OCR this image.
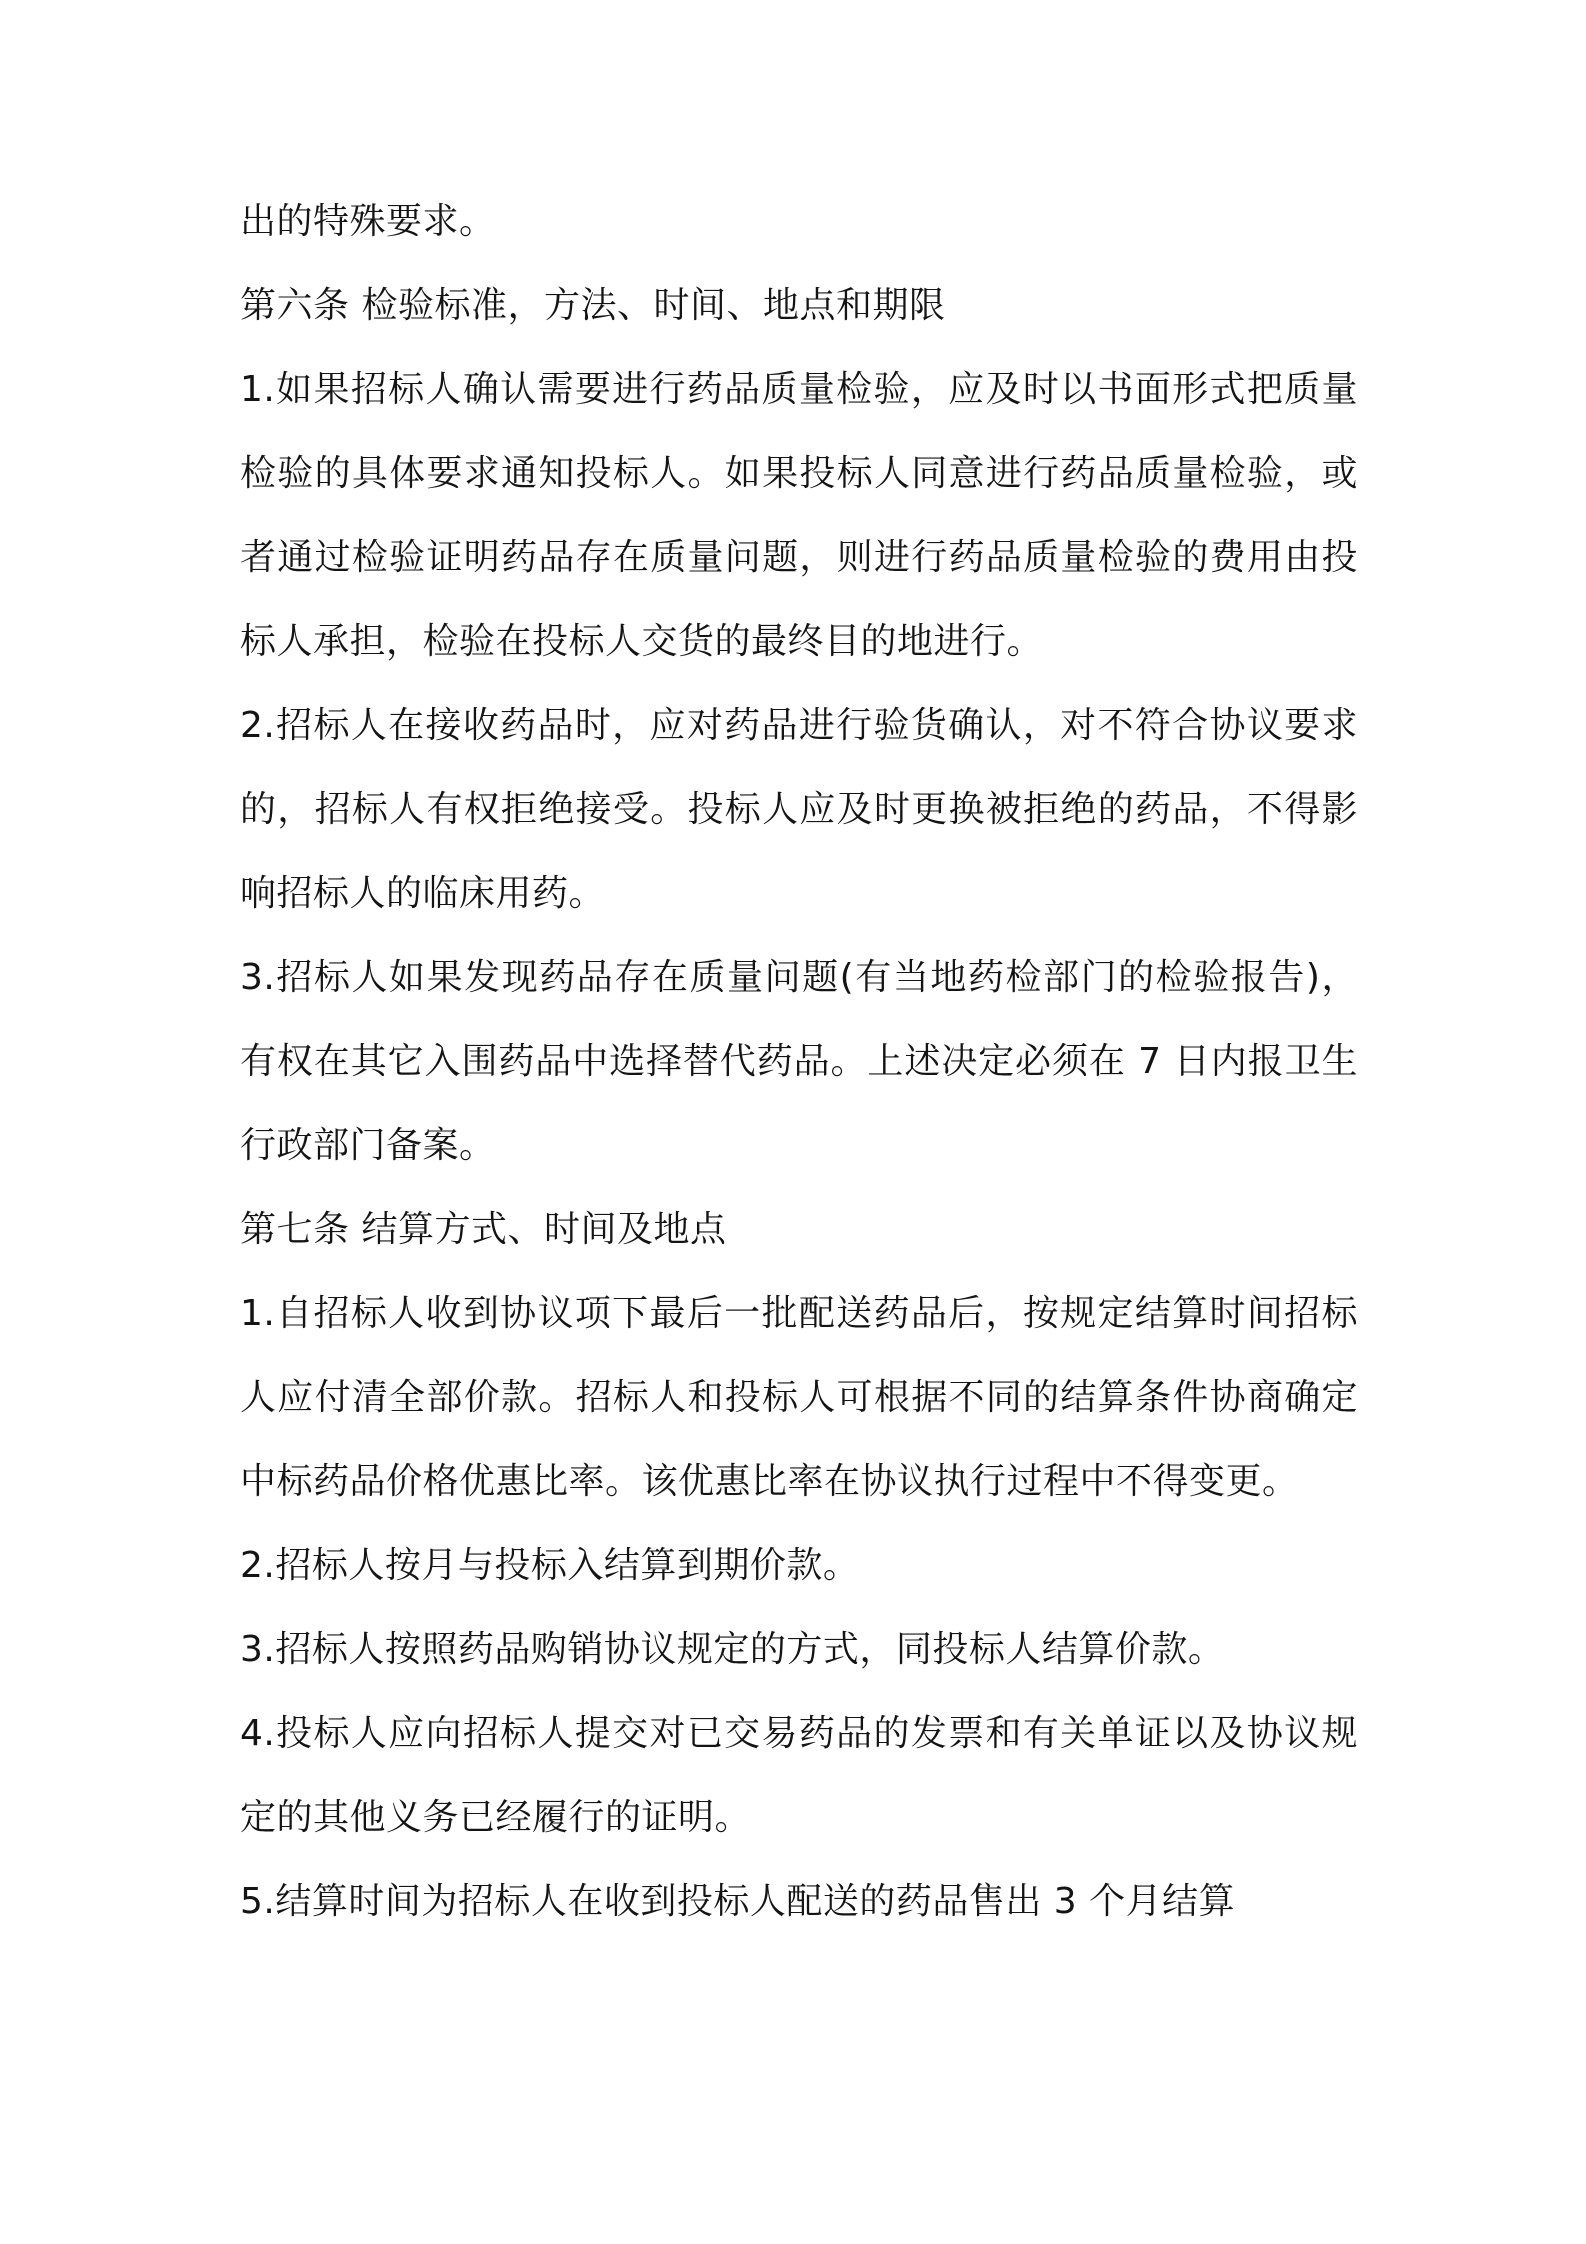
出的特殊要求。

第六条 检验标准，方法、时间、地点和期限

1.如果招标人确认需要进行药品质量检验，应及时以书面形式把质量检验的具体要求通知投标人。如果投标人同意进行药品质量检验，或者通过检验证明药品存在质量问题，则进行药品质量检验的费用由投标人承担，检验在投标人交货的最终目的地进行。

2.招标人在接收药品时，应对药品进行验货确认，对不符合协议要求的，招标人有权拒绝接受。投标人应及时更换被拒绝的药品，不得影响招标人的临床用药。

3.招标人如果发现药品存在质量问题(有当地药检部门的检验报告)，有权在其它入围药品中选择替代药品。上述决定必须在 7 日内报卫生行政部门备案。

第七条 结算方式、时间及地点

1.自招标人收到协议项下最后一批配送药品后，按规定结算时间招标人应付清全部价款。招标人和投标人可根据不同的结算条件协商确定中标药品价格优惠比率。该优惠比率在协议执行过程中不得变更。

2.招标人按月与投标入结算到期价款。

3.招标人按照药品购销协议规定的方式，同投标人结算价款。

4.投标人应向招标人提交对已交易药品的发票和有关单证以及协议规定的其他义务已经履行的证明。

5.结算时间为招标人在收到投标人配送的药品售出 3 个月结算
